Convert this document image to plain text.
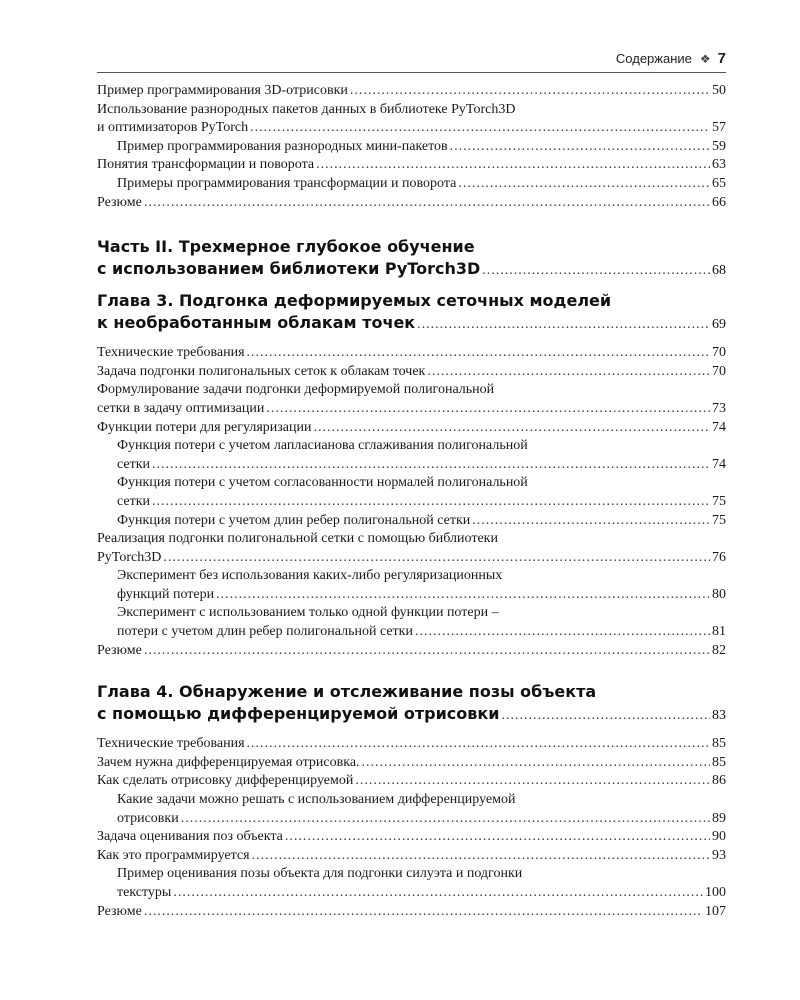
Содержание ❖ 7
Пример программирования 3D-отрисовки .....	50
Использование разнородных пакетов данных в библиотеке PyTorch3D
и оптимизаторов PyTorch .....	57
Пример программирования разнородных мини-пакетов .....	59
Понятия трансформации и поворота .....	63
Примеры программирования трансформации и поворота .....	65
Резюме .....	66
Часть II. Трехмерное глубокое обучение
с использованием библиотеки PyTorch3D .....	68
Глава 3. Подгонка деформируемых сеточных моделей
к необработанным облакам точек .....	69
Технические требования .....	70
Задача подгонки полигональных сеток к облакам точек .....	70
Формулирование задачи подгонки деформируемой полигональной
сетки в задачу оптимизации .....	73
Функции потери для регуляризации .....	74
Функция потери с учетом лапласианова сглаживания полигональной
сетки .....	74
Функция потери с учетом согласованности нормалей полигональной
сетки .....	75
Функция потери с учетом длин ребер полигональной сетки .....	75
Реализация подгонки полигональной сетки с помощью библиотеки
PyTorch3D .....	76
Эксперимент без использования каких-либо регуляризационных
функций потери .....	80
Эксперимент с использованием только одной функции потери –
потери с учетом длин ребер полигональной сетки .....	81
Резюме .....	82
Глава 4. Обнаружение и отслеживание позы объекта
с помощью дифференцируемой отрисовки .....	83
Технические требования .....	85
Зачем нужна дифференцируемая отрисовка. .....	85
Как сделать отрисовку дифференцируемой .....	86
Какие задачи можно решать с использованием дифференцируемой
отрисовки .....	89
Задача оценивания поз объекта .....	90
Как это программируется .....	93
Пример оценивания позы объекта для подгонки силуэта и подгонки
текстуры .....	100
Резюме .....	107
